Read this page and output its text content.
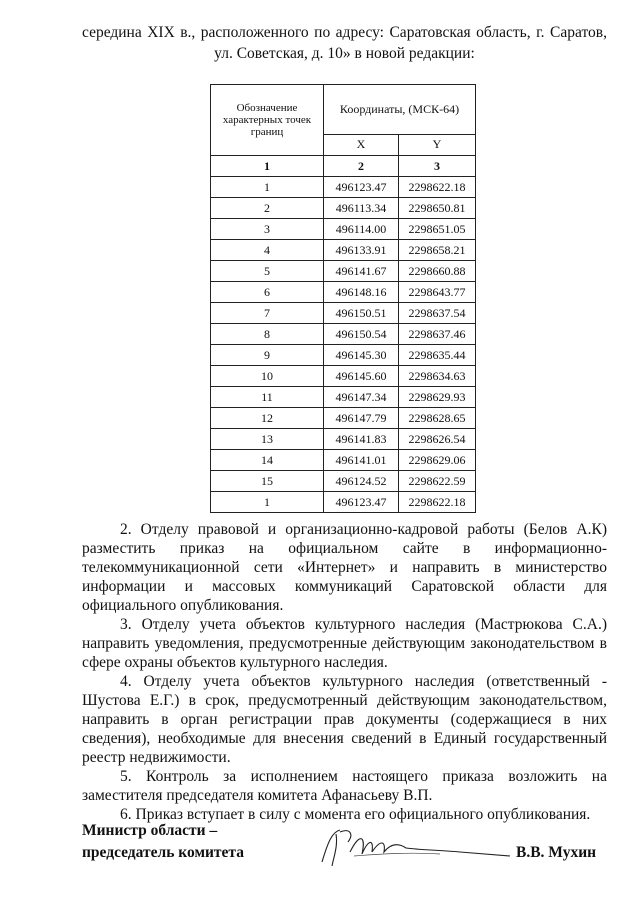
середина XIX в., расположенного по адресу: Саратовская область, г. Саратов,

ул. Советская, д. 10» в новой редакции:

Обозначение характерных точек границ	Координаты, (МСК-64)	
	X	Y
1	2	3
1	496123.47	2298622.18
2	496113.34	2298650.81
3	496114.00	2298651.05
4	496133.91	2298658.21
5	496141.67	2298660.88
6	496148.16	2298643.77
7	496150.51	2298637.54
8	496150.54	2298637.46
9	496145.30	2298635.44
10	496145.60	2298634.63
11	496147.34	2298629.93
12	496147.79	2298628.65
13	496141.83	2298626.54
14	496141.01	2298629.06
15	496124.52	2298622.59
1	496123.47	2298622.18

2. Отделу правовой и организационно-кадровой работы (Белов А.К) разместить приказ на официальном сайте в информационно-телекоммуникационной сети «Интернет» и направить в министерство информации и массовых коммуникаций Саратовской области для официального опубликования.

3. Отделу учета объектов культурного наследия (Мастрюкова С.А.) направить уведомления, предусмотренные действующим законодательством в сфере охраны объектов культурного наследия.

4. Отделу учета объектов культурного наследия (ответственный - Шустова Е.Г.) в срок, предусмотренный действующим законодательством, направить в орган регистрации прав документы (содержащиеся в них сведения), необходимые для внесения сведений в Единый государственный реестр недвижимости.

5. Контроль за исполнением настоящего приказа возложить на заместителя председателя комитета Афанасьеву В.П.

6. Приказ вступает в силу с момента его официального опубликования.

Министр области –
председатель комитета	В.В. Мухин
